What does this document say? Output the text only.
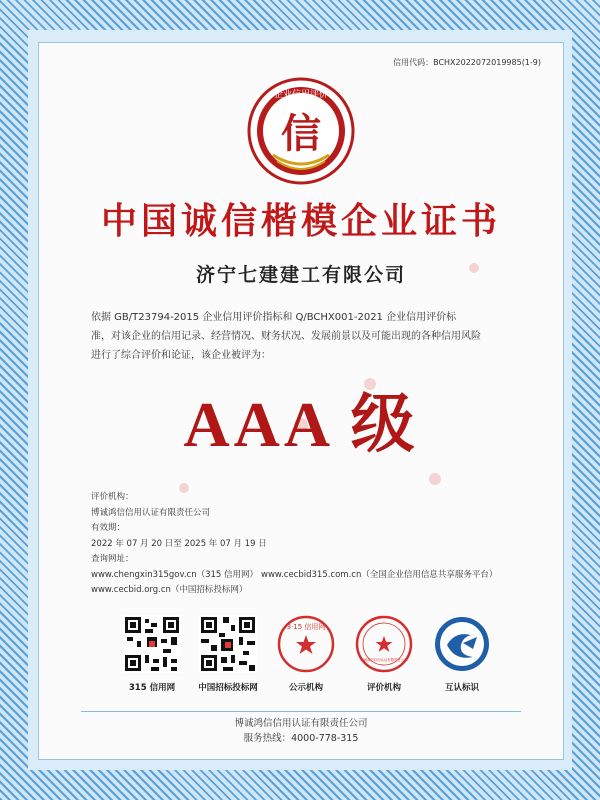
信用代码：BCHX2022072019985(1-9)
企业信用评价
信
中国诚信楷模企业证书
济宁七建建工有限公司
依据 GB/T23794-2015 企业信用评价指标和 Q/BCHX001-2021 企业信用评价标
准，对该企业的信用记录、经营情况、财务状况、发展前景以及可能出现的各种信用风险
进行了综合评价和论证，该企业被评为：
AAA 级
评价机构：
博诚鸿信信用认证有限责任公司
有效期：
2022 年 07 月 20 日至 2025 年 07 月 19 日
查询网址：
www.chengxin315gov.cn（315 信用网） www.cecbid315.com.cn（全国企业信用信息共享服务平台）
www.cecbid.org.cn（中国招标投标网）
315 信用网	中国招标投标网
3·15 信用网
公示机构
博诚鸿信信用认证有限责任公司
评价机构	互认标识
博诚鸿信信用认证有限责任公司
服务热线：4000-778-315
